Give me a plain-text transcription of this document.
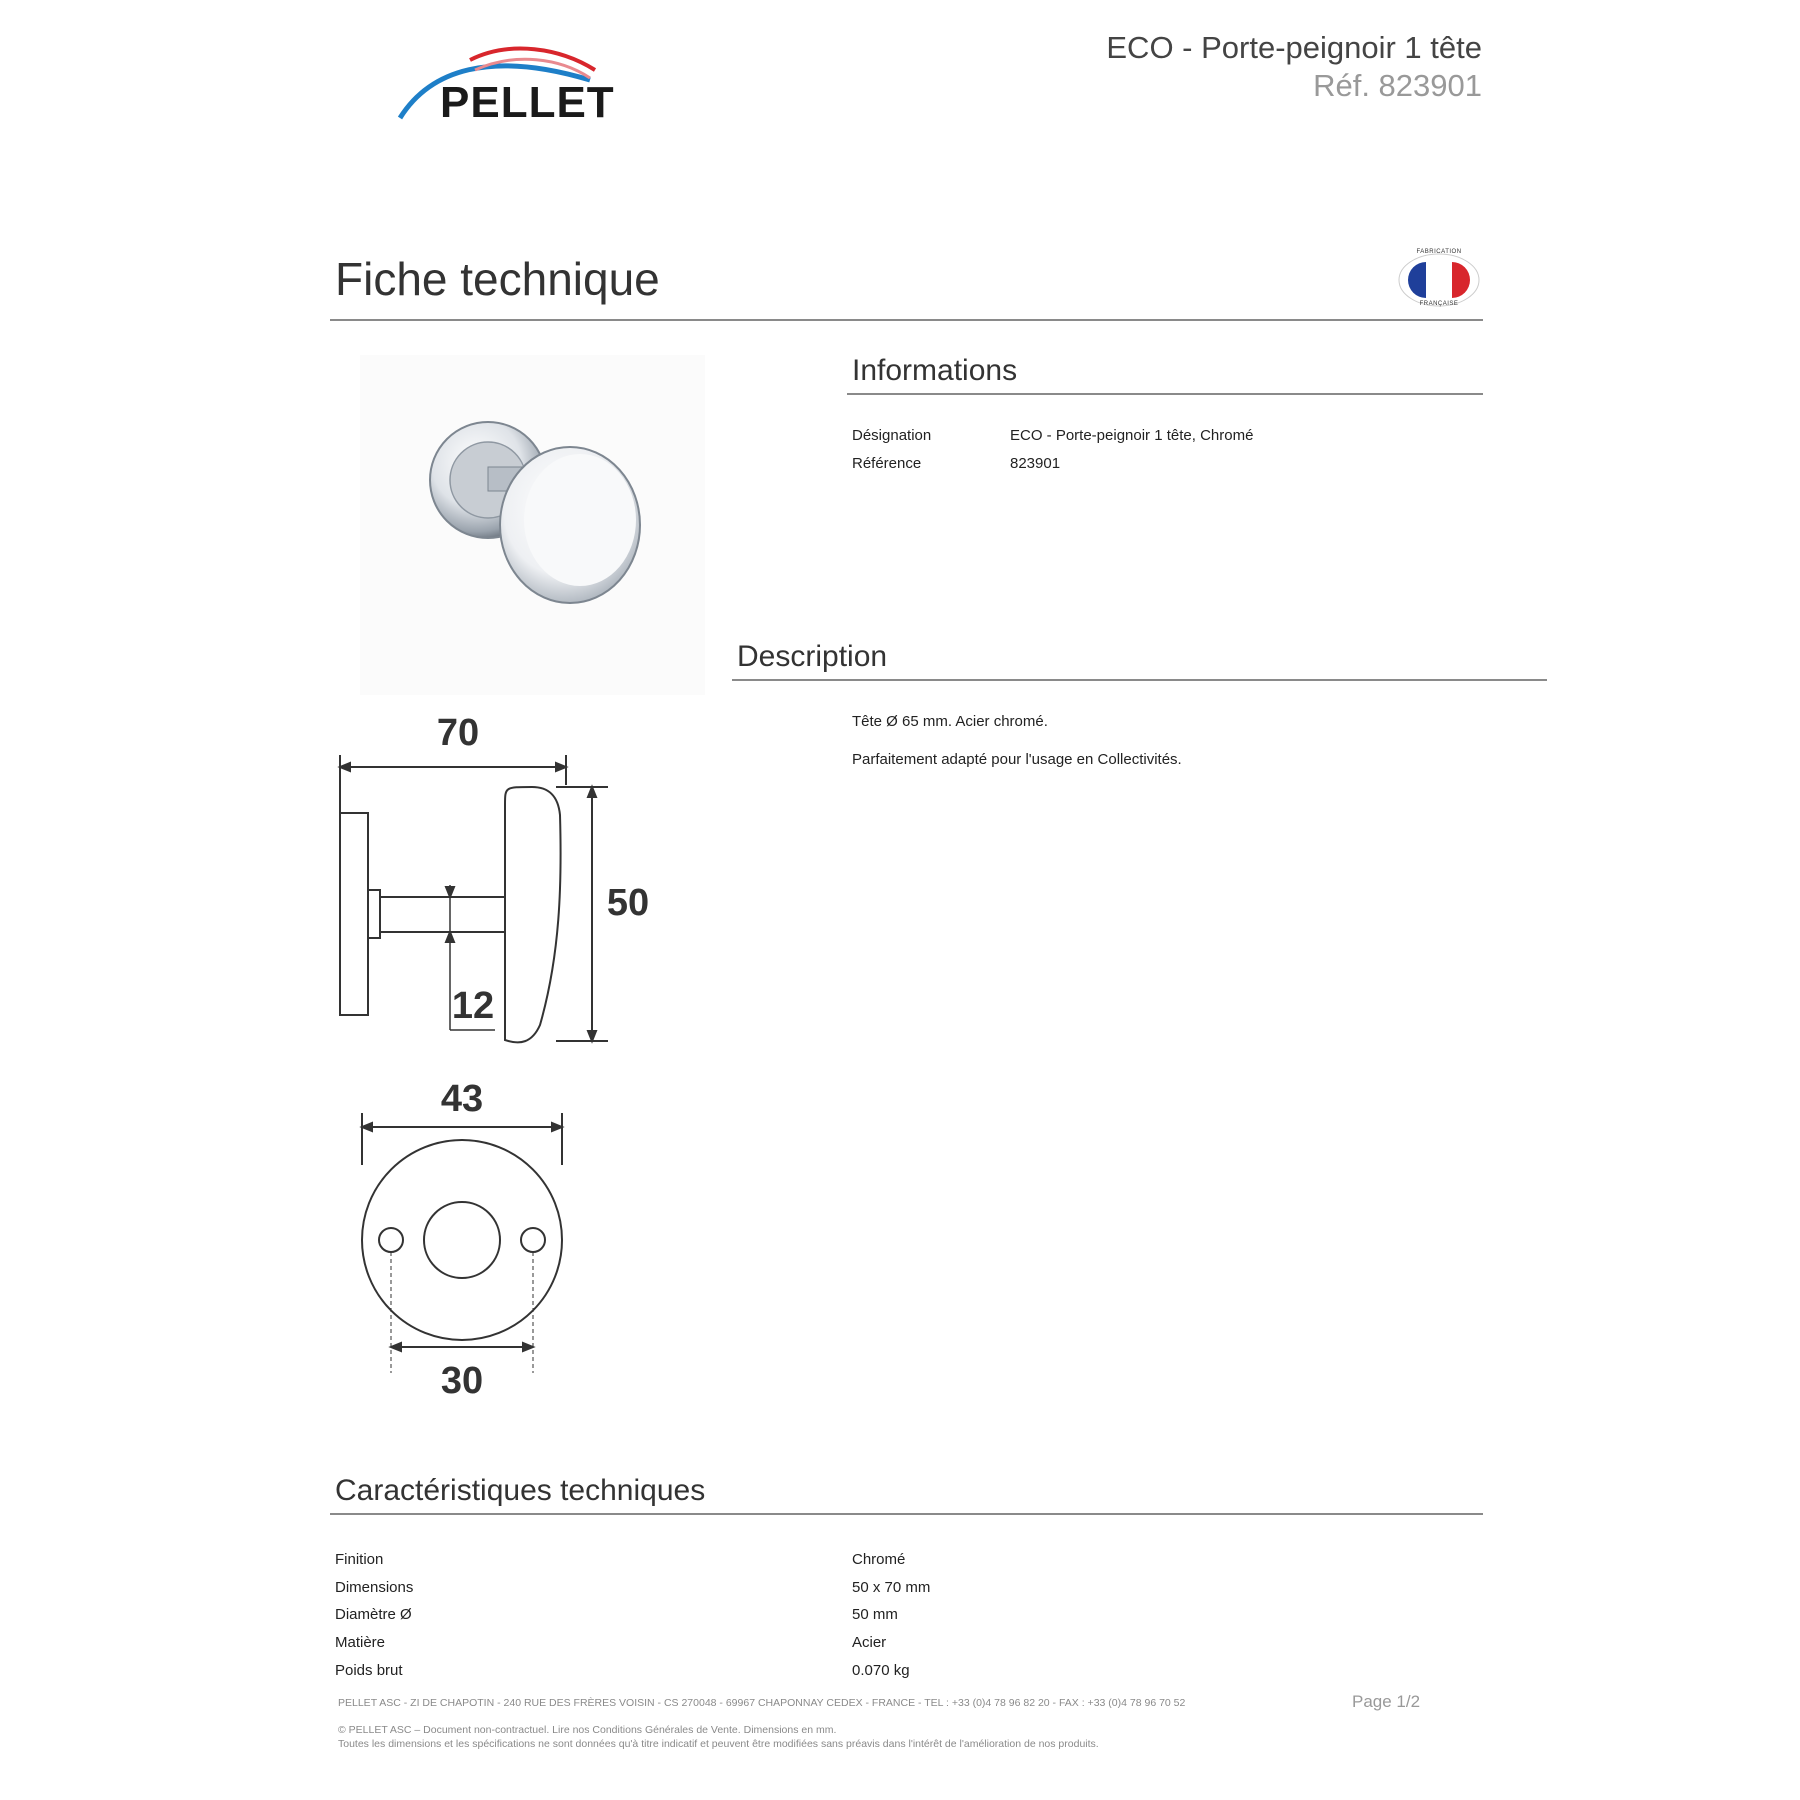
PELLET
ECO - Porte-peignoir 1 tête
Réf. 823901
Fiche technique
FABRICATION
FRANÇAISE
Informations
Désignation	ECO - Porte-peignoir 1 tête, Chromé
Référence	823901
Description
Tête Ø 65 mm. Acier chromé.
Parfaitement adapté pour l'usage en Collectivités.
70
50
12
43
30
Caractéristiques techniques
Finition	Chromé
Dimensions	50 x 70 mm
Diamètre Ø	50 mm
Matière	Acier
Poids brut	0.070 kg
PELLET ASC - ZI DE CHAPOTIN - 240 RUE DES FRÈRES VOISIN - CS 270048 - 69967 CHAPONNAY CEDEX - FRANCE - TEL : +33 (0)4 78 96 82 20 - FAX : +33 (0)4 78 96 70 52	Page 1/2
© PELLET ASC – Document non-contractuel. Lire nos Conditions Générales de Vente. Dimensions en mm.
Toutes les dimensions et les spécifications ne sont données qu'à titre indicatif et peuvent être modifiées sans préavis dans l'intérêt de l'amélioration de nos produits.
